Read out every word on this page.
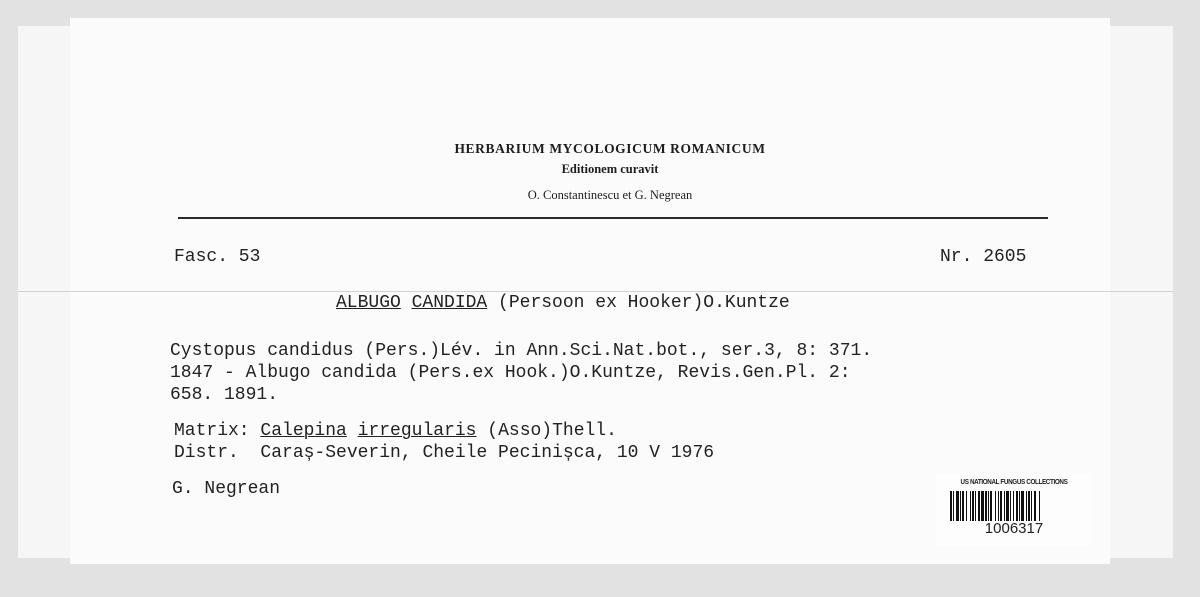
HERBARIUM MYCOLOGICUM ROMANICUM
Editionem curavit
O. Constantinescu et G. Negrean
Fasc. 53	Nr. 2605
ALBUGO CANDIDA (Persoon ex Hooker)O.Kuntze
Cystopus candidus (Pers.)Lév. in Ann.Sci.Nat.bot., ser.3, 8: 371.
1847 - Albugo candida (Pers.ex Hook.)O.Kuntze, Revis.Gen.Pl. 2:
658. 1891.
Matrix: Calepina irregularis (Asso)Thell.
Distr.  Caraș-Severin, Cheile Pecinișca, 10 V 1976
G. Negrean	US NATIONAL FUNGUS COLLECTIONS
1006317
